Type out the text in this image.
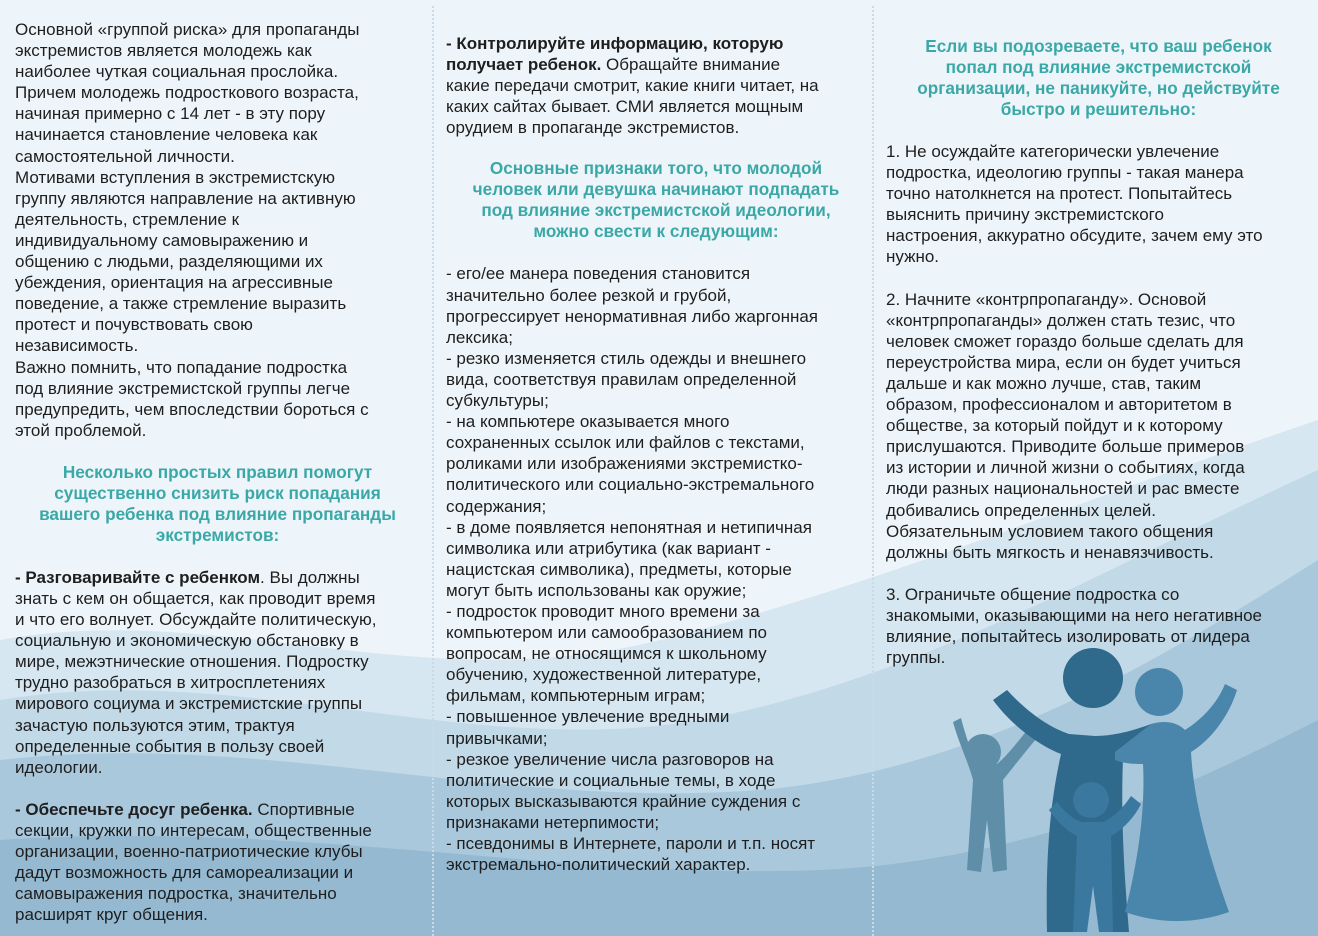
Основной «группой риска» для пропаганды
экстремистов является молодежь как
наиболее чуткая социальная прослойка.
Причем молодежь подросткового возраста,
начиная примерно с 14 лет - в эту пору
начинается становление человека как
самостоятельной личности.
Мотивами вступления в экстремистскую
группу являются направление на активную
деятельность, стремление к
индивидуальному самовыражению и
общению с людьми, разделяющими их
убеждения, ориентация на агрессивные
поведение, а также стремление выразить
протест и почувствовать свою
независимость.
Важно помнить, что попадание подростка
под влияние экстремистской группы легче
предупредить, чем впоследствии бороться с
этой проблемой.

Несколько простых правил помогут
существенно снизить риск попадания
вашего ребенка под влияние пропаганды
экстремистов:

- Разговаривайте с ребенком. Вы должны
знать с кем он общается, как проводит время
и что его волнует. Обсуждайте политическую,
социальную и экономическую обстановку в
мире, межэтнические отношения. Подростку
трудно разобраться в хитросплетениях
мирового социума и экстремистские группы
зачастую пользуются этим, трактуя
определенные события в пользу своей
идеологии.

- Обеспечьте досуг ребенка. Спортивные
секции, кружки по интересам, общественные
организации, военно-патриотические клубы
дадут возможность для самореализации и
самовыражения подростка, значительно
расширят круг общения.

- Контролируйте информацию, которую
получает ребенок. Обращайте внимание
какие передачи смотрит, какие книги читает, на
каких сайтах бывает. СМИ является мощным
орудием в пропаганде экстремистов.

Основные признаки того, что молодой
человек или девушка начинают подпадать
под влияние экстремистской идеологии,
можно свести к следующим:

- его/ее манера поведения становится
значительно более резкой и грубой,
прогрессирует ненормативная либо жаргонная
лексика;
- резко изменяется стиль одежды и внешнего
вида, соответствуя правилам определенной
субкультуры;
- на компьютере оказывается много
сохраненных ссылок или файлов с текстами,
роликами или изображениями экстремистко-
политического или социально-экстремального
содержания;
- в доме появляется непонятная и нетипичная
символика или атрибутика (как вариант -
нацистская символика), предметы, которые
могут быть использованы как оружие;
- подросток проводит много времени за
компьютером или самообразованием по
вопросам, не относящимся к школьному
обучению, художественной литературе,
фильмам, компьютерным играм;
- повышенное увлечение вредными
привычками;
- резкое увеличение числа разговоров на
политические и социальные темы, в ходе
которых высказываются крайние суждения с
признаками нетерпимости;
- псевдонимы в Интернете, пароли и т.п. носят
экстремально-политический характер.

Если вы подозреваете, что ваш ребенок
попал под влияние экстремистской
организации, не паникуйте, но действуйте
быстро и решительно:

1. Не осуждайте категорически увлечение
подростка, идеологию группы - такая манера
точно натолкнется на протест. Попытайтесь
выяснить причину экстремистского
настроения, аккуратно обсудите, зачем ему это
нужно.

2. Начните «контрпропаганду». Основой
«контрпропаганды» должен стать тезис, что
человек сможет гораздо больше сделать для
переустройства мира, если он будет учиться
дальше и как можно лучше, став, таким
образом, профессионалом и авторитетом в
обществе, за который пойдут и к которому
прислушаются. Приводите больше примеров
из истории и личной жизни о событиях, когда
люди разных национальностей и рас вместе
добивались определенных целей.
Обязательным условием такого общения
должны быть мягкость и ненавязчивость.

3. Ограничьте общение подростка со
знакомыми, оказывающими на него негативное
влияние, попытайтесь изолировать от лидера
группы.
